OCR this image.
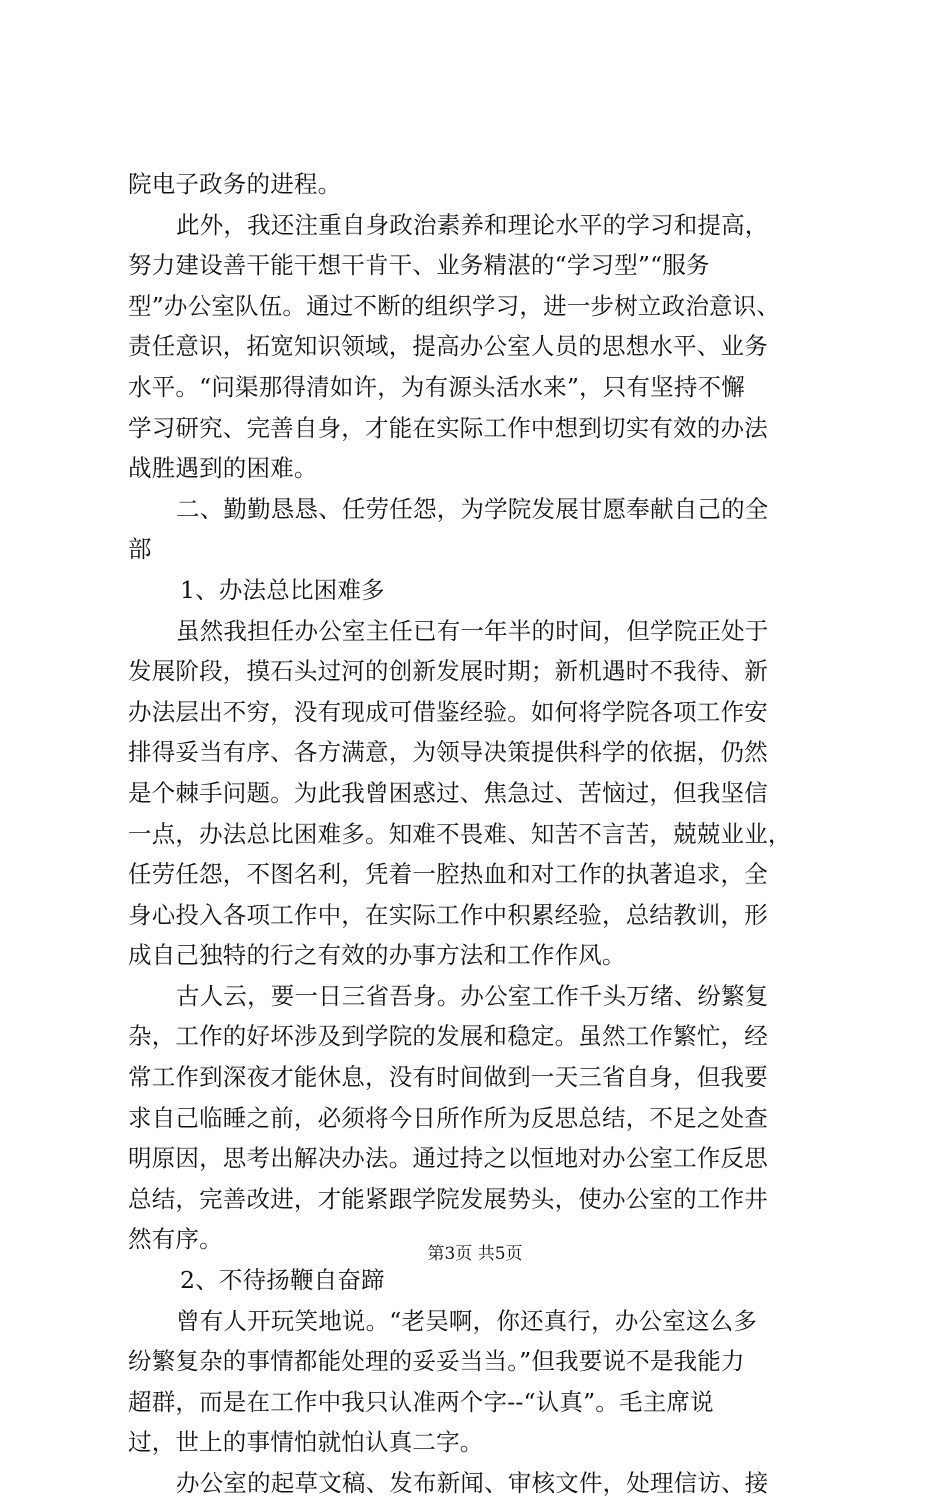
院电子政务的进程。
此外，我还注重自身政治素养和理论水平的学习和提高，
努力建设善干能干想干肯干、业务精湛的“学习型”“服务
型”办公室队伍。通过不断的组织学习，进一步树立政治意识、
责任意识，拓宽知识领域，提高办公室人员的思想水平、业务
水平。“问渠那得清如许，为有源头活水来”，只有坚持不懈
学习研究、完善自身，才能在实际工作中想到切实有效的办法
战胜遇到的困难。
二、勤勤恳恳、任劳任怨，为学院发展甘愿奉献自己的全
部
1、办法总比困难多
虽然我担任办公室主任已有一年半的时间，但学院正处于
发展阶段，摸石头过河的创新发展时期；新机遇时不我待、新
办法层出不穷，没有现成可借鉴经验。如何将学院各项工作安
排得妥当有序、各方满意，为领导决策提供科学的依据，仍然
是个棘手问题。为此我曾困惑过、焦急过、苦恼过，但我坚信
一点，办法总比困难多。知难不畏难、知苦不言苦，兢兢业业，
任劳任怨，不图名利，凭着一腔热血和对工作的执著追求，全
身心投入各项工作中，在实际工作中积累经验，总结教训，形
成自己独特的行之有效的办事方法和工作作风。
古人云，要一日三省吾身。办公室工作千头万绪、纷繁复
杂，工作的好坏涉及到学院的发展和稳定。虽然工作繁忙，经
常工作到深夜才能休息，没有时间做到一天三省自身，但我要
求自己临睡之前，必须将今日所作所为反思总结，不足之处查
明原因，思考出解决办法。通过持之以恒地对办公室工作反思
总结，完善改进，才能紧跟学院发展势头，使办公室的工作井
然有序。
2、不待扬鞭自奋蹄
曾有人开玩笑地说。“老吴啊，你还真行，办公室这么多
纷繁复杂的事情都能处理的妥妥当当。”但我要说不是我能力
超群，而是在工作中我只认准两个字--“认真”。毛主席说
过，世上的事情怕就怕认真二字。
办公室的起草文稿、发布新闻、审核文件，处理信访、接
第3页 共5页
